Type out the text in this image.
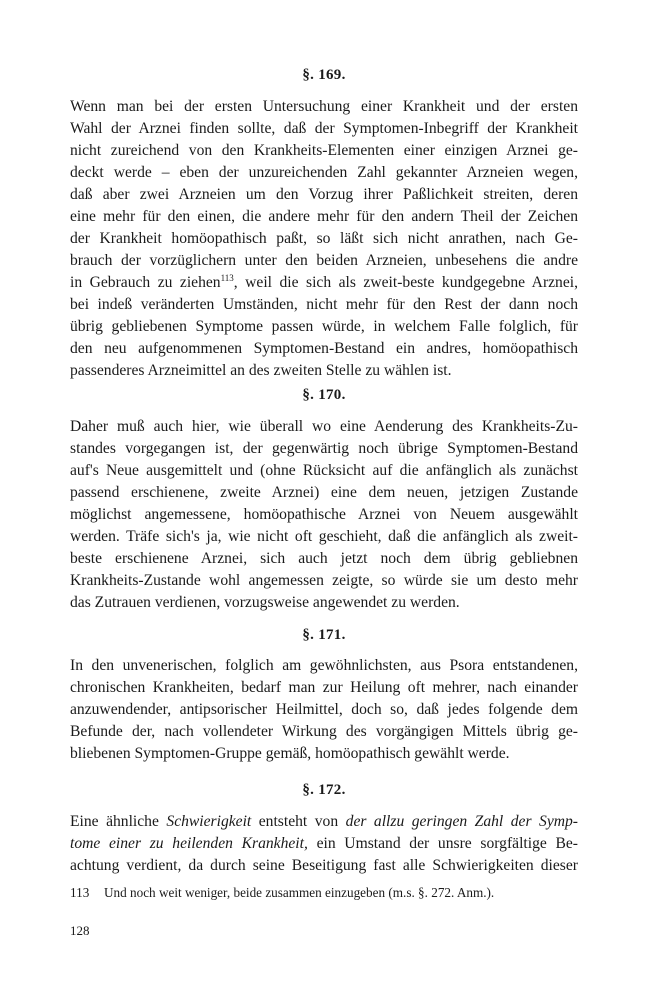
§. 169.
Wenn man bei der ersten Untersuchung einer Krankheit und der ersten
Wahl der Arznei finden sollte, daß der Symptomen-Inbegriff der Krankheit
nicht zureichend von den Krankheits-Elementen einer einzigen Arznei ge-
deckt werde – eben der unzureichenden Zahl gekannter Arzneien wegen,
daß aber zwei Arzneien um den Vorzug ihrer Paßlichkeit streiten, deren
eine mehr für den einen, die andere mehr für den andern Theil der Zeichen
der Krankheit homöopathisch paßt, so läßt sich nicht anrathen, nach Ge-
brauch der vorzüglichern unter den beiden Arzneien, unbesehens die andre
in Gebrauch zu ziehen$^{113}$, weil die sich als zweit-beste kundgegebne Arznei,
bei indeß veränderten Umständen, nicht mehr für den Rest der dann noch
übrig gebliebenen Symptome passen würde, in welchem Falle folglich, für
den neu aufgenommenen Symptomen-Bestand ein andres, homöopathisch
passenderes Arzneimittel an des zweiten Stelle zu wählen ist.
§. 170.
Daher muß auch hier, wie überall wo eine Aenderung des Krankheits-Zu-
standes vorgegangen ist, der gegenwärtig noch übrige Symptomen-Bestand
auf's Neue ausgemittelt und (ohne Rücksicht auf die anfänglich als zunächst
passend erschienene, zweite Arznei) eine dem neuen, jetzigen Zustande
möglichst angemessene, homöopathische Arznei von Neuem ausgewählt
werden. Träfe sich's ja, wie nicht oft geschieht, daß die anfänglich als zweit-
beste erschienene Arznei, sich auch jetzt noch dem übrig gebliebnen
Krankheits-Zustande wohl angemessen zeigte, so würde sie um desto mehr
das Zutrauen verdienen, vorzugsweise angewendet zu werden.
§. 171.
In den unvenerischen, folglich am gewöhnlichsten, aus Psora entstandenen,
chronischen Krankheiten, bedarf man zur Heilung oft mehrer, nach einander
anzuwendender, antipsorischer Heilmittel, doch so, daß jedes folgende dem
Befunde der, nach vollendeter Wirkung des vorgängigen Mittels übrig ge-
bliebenen Symptomen-Gruppe gemäß, homöopathisch gewählt werde.
§. 172.
Eine ähnliche Schwierigkeit entsteht von der allzu geringen Zahl der Symp-
tome einer zu heilenden Krankheit, ein Umstand der unsre sorgfältige Be-
achtung verdient, da durch seine Beseitigung fast alle Schwierigkeiten dieser
113 Und noch weit weniger, beide zusammen einzugeben (m.s. §. 272. Anm.).
128
